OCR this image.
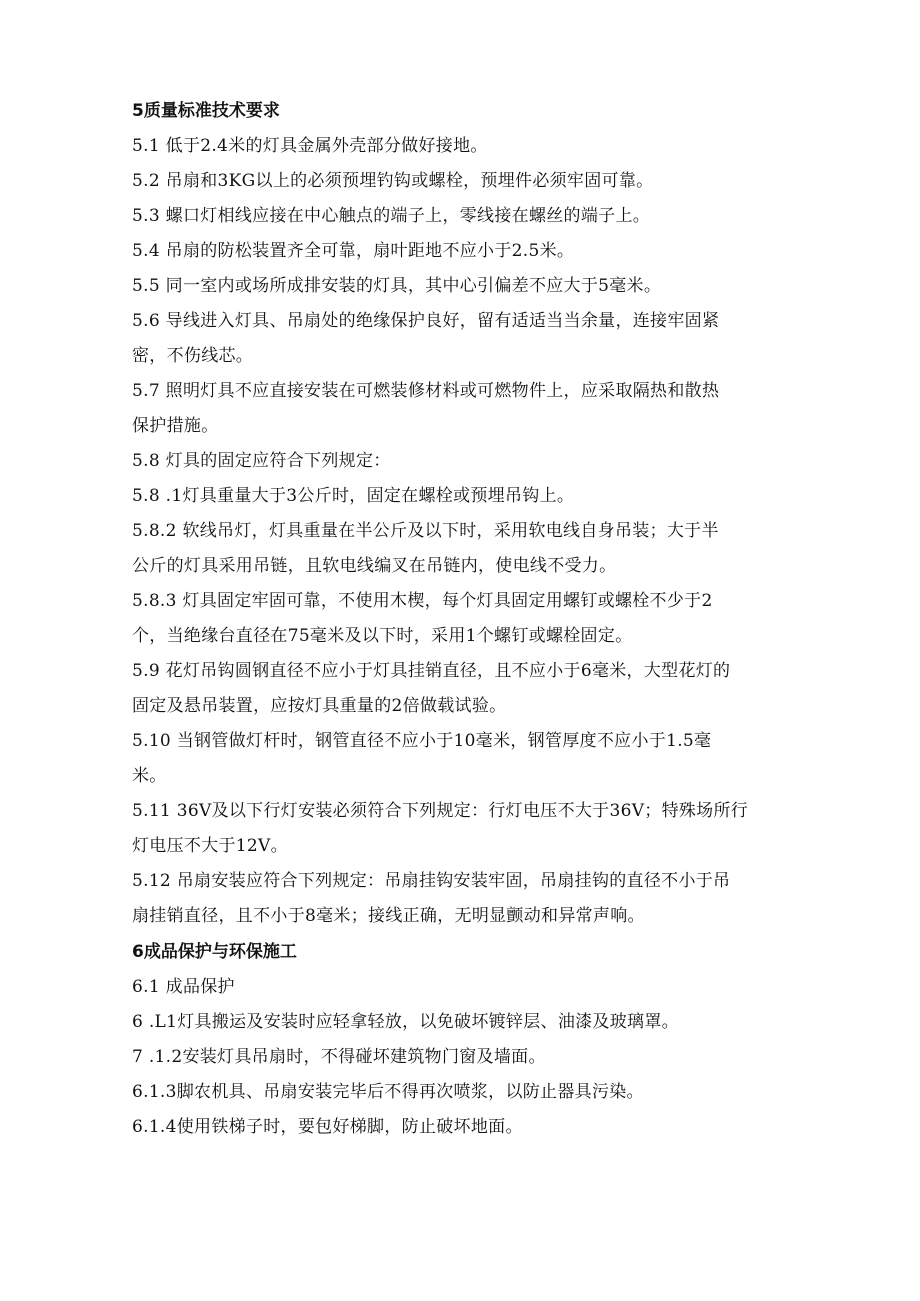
5质量标准技术要求
5.1 低于2.4米的灯具金属外壳部分做好接地。
5.2 吊扇和3KG以上的必须预埋钓钩或螺栓，预埋件必须牢固可靠。
5.3 螺口灯相线应接在中心触点的端子上，零线接在螺丝的端子上。
5.4 吊扇的防松装置齐全可靠，扇叶距地不应小于2.5米。
5.5 同一室内或场所成排安装的灯具，其中心引偏差不应大于5毫米。
5.6 导线进入灯具、吊扇处的绝缘保护良好，留有适适当当余量，连接牢固紧
密，不伤线芯。
5.7 照明灯具不应直接安装在可燃装修材料或可燃物件上，应采取隔热和散热
保护措施。
5.8 灯具的固定应符合下列规定：
5.8 .1灯具重量大于3公斤时，固定在螺栓或预埋吊钩上。
5.8.2 软线吊灯，灯具重量在半公斤及以下时，采用软电线自身吊装；大于半
公斤的灯具采用吊链，且软电线编叉在吊链内，使电线不受力。
5.8.3 灯具固定牢固可靠，不使用木楔，每个灯具固定用螺钉或螺栓不少于2
个，当绝缘台直径在75毫米及以下时，采用1个螺钉或螺栓固定。
5.9 花灯吊钩圆钢直径不应小于灯具挂销直径，且不应小于6毫米，大型花灯的
固定及悬吊装置，应按灯具重量的2倍做载试验。
5.10 当钢管做灯杆时，钢管直径不应小于10毫米，钢管厚度不应小于1.5毫
米。
5.11 36V及以下行灯安装必须符合下列规定：行灯电压不大于36V；特殊场所行
灯电压不大于12V。
5.12 吊扇安装应符合下列规定：吊扇挂钩安装牢固，吊扇挂钩的直径不小于吊
扇挂销直径，且不小于8毫米；接线正确，无明显颤动和异常声响。
6成品保护与环保施工
6.1 成品保护
6 .L1灯具搬运及安装时应轻拿轻放，以免破坏镀锌层、油漆及玻璃罩。
7 .1.2安装灯具吊扇时，不得碰坏建筑物门窗及墙面。
6.1.3脚农机具、吊扇安装完毕后不得再次喷浆，以防止器具污染。
6.1.4使用铁梯子时，要包好梯脚，防止破坏地面。
